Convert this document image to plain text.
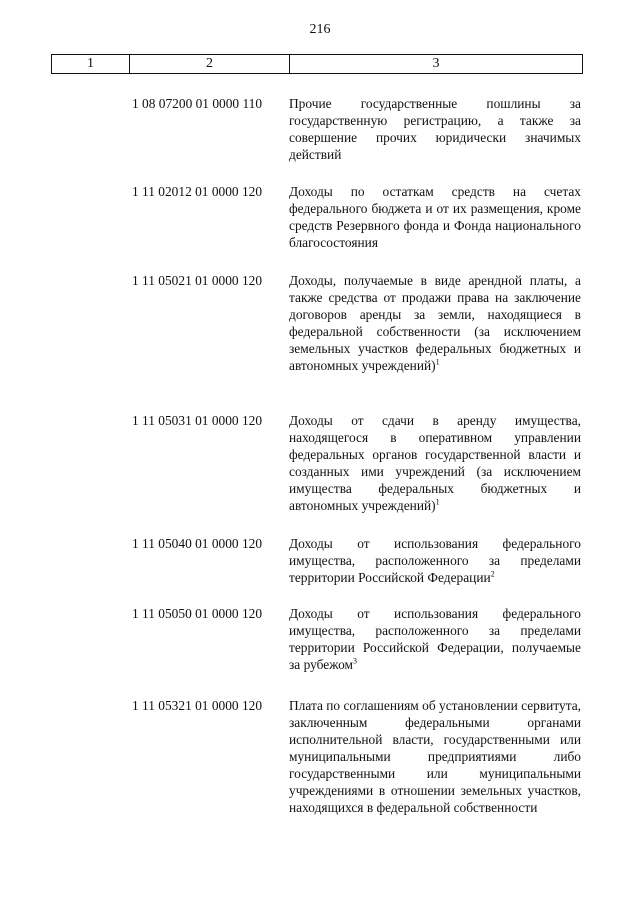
216
1	2	3
1 08 07200 01 0000 110 Прочие государственные пошлины за государственную регистрацию, а также за совершение прочих юридически значимых действий
1 11 02012 01 0000 120 Доходы по остаткам средств на счетах федерального бюджета и от их размещения, кроме средств Резервного фонда и Фонда национального благосостояния
1 11 05021 01 0000 120 Доходы, получаемые в виде арендной платы, а также средства от продажи права на заключение договоров аренды за земли, находящиеся в федеральной собственности (за исключением земельных участков федеральных бюджетных и автономных учреждений)$^1$
1 11 05031 01 0000 120 Доходы от сдачи в аренду имущества, находящегося в оперативном управлении федеральных органов государственной власти и созданных ими учреждений (за исключением имущества федеральных бюджетных и автономных учреждений)$^1$
1 11 05040 01 0000 120 Доходы от использования федерального имущества, расположенного за пределами территории Российской Федерации$^2$
1 11 05050 01 0000 120 Доходы от использования федерального имущества, расположенного за пределами территории Российской Федерации, получаемые за рубежом$^3$
1 11 05321 01 0000 120 Плата по соглашениям об установлении сервитута, заключенным федеральными органами исполнительной власти, государственными или муниципальными предприятиями либо государственными или муниципальными учреждениями в отношении земельных участков, находящихся в федеральной собственности
